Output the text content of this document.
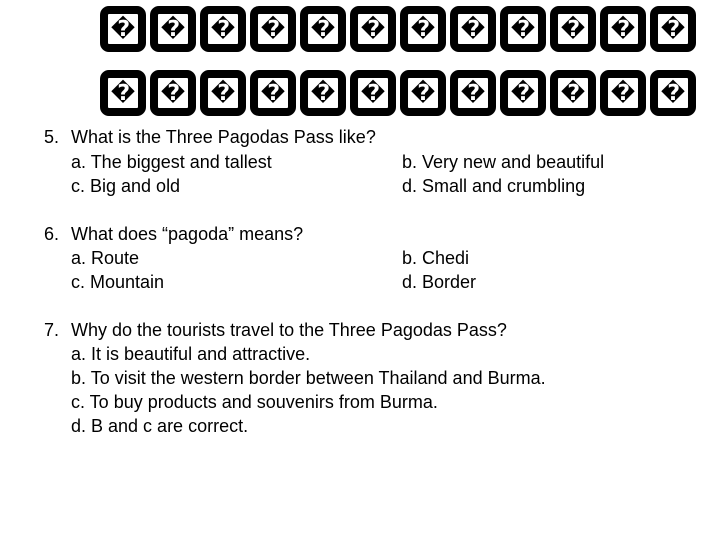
�	�	�	�	�	�	�	�	�	�	�	�
�	�	�	�	�	�	�	�	�	�	�	�
5. What is the Three Pagodas Pass like?
a. The biggest and tallest	b. Very new and beautiful
c. Big and old	d. Small and crumbling
6. What does “pagoda” means?
a. Route	b. Chedi
c. Mountain	d. Border
7. Why do the tourists travel to the Three Pagodas Pass?
a. It is beautiful and attractive.
b. To visit the western border between Thailand and Burma.
c. To buy products and souvenirs from Burma.
d. B and c are correct.
